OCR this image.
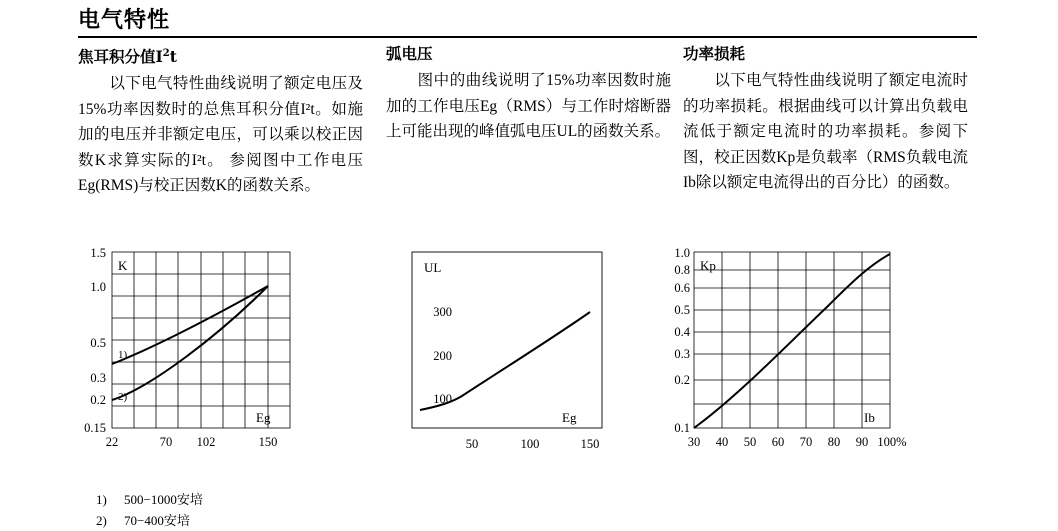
电气特性
焦耳积分值$I^2t$
以下电气特性曲线说明了额定电压及15%功率因数时的总焦耳积分值I²t。如施加的电压并非额定电压，可以乘以校正因数K求算实际的I²t。 参阅图中工作电压Eg(RMS)与校正因数K的函数关系。
弧电压
图中的曲线说明了15%功率因数时施加的工作电压Eg（RMS）与工作时熔断器上可能出现的峰值弧电压UL的函数关系。
功率损耗
以下电气特性曲线说明了额定电流时的功率损耗。根据曲线可以计算出负载电流低于额定电流时的功率损耗。参阅下图，校正因数Kp是负载率（RMS负载电流Ib除以额定电流得出的百分比）的函数。
1.5
1.0
0.5
0.3
0.2
0.15
22	70 102	150
K
Eg
1)
2)
300
200
100
50	100	150
UL
Eg
1.0
0.8
0.6
0.5
0.4
0.3
0.2
0.1
30 40 50 60 70 80 90 100%
Kp
Ib
1)	500−1000安培
2)	70−400安培
